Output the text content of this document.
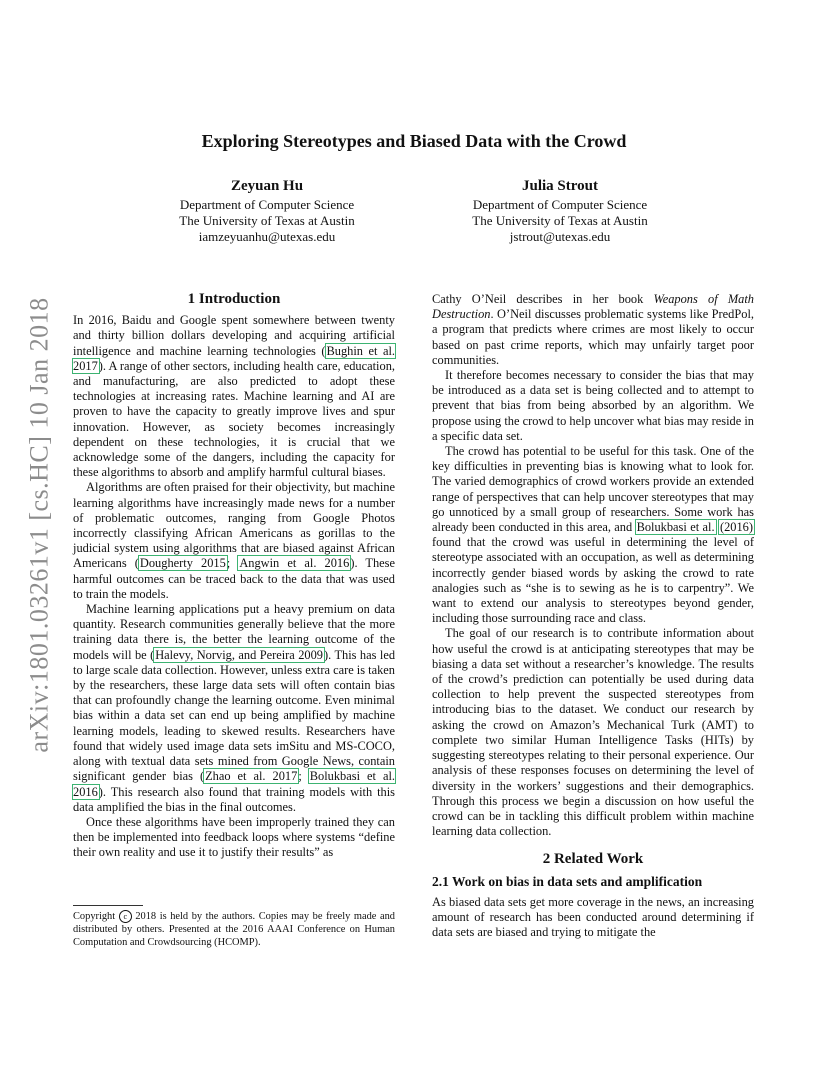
arXiv:1801.03261v1 [cs.HC] 10 Jan 2018
Exploring Stereotypes and Biased Data with the Crowd
Zeyuan Hu
Department of Computer Science
The University of Texas at Austin
iamzeyuanhu@utexas.edu
Julia Strout
Department of Computer Science
The University of Texas at Austin
jstrout@utexas.edu
1 Introduction

In 2016, Baidu and Google spent somewhere between twenty and thirty billion dollars developing and acquiring artificial intelligence and machine learning technologies (Bughin et al. 2017). A range of other sectors, including health care, education, and manufacturing, are also predicted to adopt these technologies at increasing rates. Machine learning and AI are proven to have the capacity to greatly improve lives and spur innovation. However, as society becomes increasingly dependent on these technologies, it is crucial that we acknowledge some of the dangers, including the capacity for these algorithms to absorb and amplify harmful cultural biases.

Algorithms are often praised for their objectivity, but machine learning algorithms have increasingly made news for a number of problematic outcomes, ranging from Google Photos incorrectly classifying African Americans as gorillas to the judicial system using algorithms that are biased against African Americans (Dougherty 2015; Angwin et al. 2016). These harmful outcomes can be traced back to the data that was used to train the models.

Machine learning applications put a heavy premium on data quantity. Research communities generally believe that the more training data there is, the better the learning outcome of the models will be (Halevy, Norvig, and Pereira 2009). This has led to large scale data collection. However, unless extra care is taken by the researchers, these large data sets will often contain bias that can profoundly change the learning outcome. Even minimal bias within a data set can end up being amplified by machine learning models, leading to skewed results. Researchers have found that widely used image data sets imSitu and MS-COCO, along with textual data sets mined from Google News, contain significant gender bias (Zhao et al. 2017; Bolukbasi et al. 2016). This research also found that training models with this data amplified the bias in the final outcomes.

Once these algorithms have been improperly trained they can then be implemented into feedback loops where systems “define their own reality and use it to justify their results” as

Cathy O’Neil describes in her book Weapons of Math Destruction. O’Neil discusses problematic systems like PredPol, a program that predicts where crimes are most likely to occur based on past crime reports, which may unfairly target poor communities.

It therefore becomes necessary to consider the bias that may be introduced as a data set is being collected and to attempt to prevent that bias from being absorbed by an algorithm. We propose using the crowd to help uncover what bias may reside in a specific data set.

The crowd has potential to be useful for this task. One of the key difficulties in preventing bias is knowing what to look for. The varied demographics of crowd workers provide an extended range of perspectives that can help uncover stereotypes that may go unnoticed by a small group of researchers. Some work has already been conducted in this area, and Bolukbasi et al. (2016) found that the crowd was useful in determining the level of stereotype associated with an occupation, as well as determining incorrectly gender biased words by asking the crowd to rate analogies such as “she is to sewing as he is to carpentry”. We want to extend our analysis to stereotypes beyond gender, including those surrounding race and class.

The goal of our research is to contribute information about how useful the crowd is at anticipating stereotypes that may be biasing a data set without a researcher’s knowledge. The results of the crowd’s prediction can potentially be used during data collection to help prevent the suspected stereotypes from introducing bias to the dataset. We conduct our research by asking the crowd on Amazon’s Mechanical Turk (AMT) to complete two similar Human Intelligence Tasks (HITs) by suggesting stereotypes relating to their personal experience. Our analysis of these responses focuses on determining the level of diversity in the workers’ suggestions and their demographics. Through this process we begin a discussion on how useful the crowd can be in tackling this difficult problem within machine learning data collection.

2 Related Work
2.1 Work on bias in data sets and amplification

As biased data sets get more coverage in the news, an increasing amount of research has been conducted around determining if data sets are biased and trying to mitigate the

Copyright c 2018 is held by the authors. Copies may be freely made and distributed by others. Presented at the 2016 AAAI Conference on Human Computation and Crowdsourcing (HCOMP).
